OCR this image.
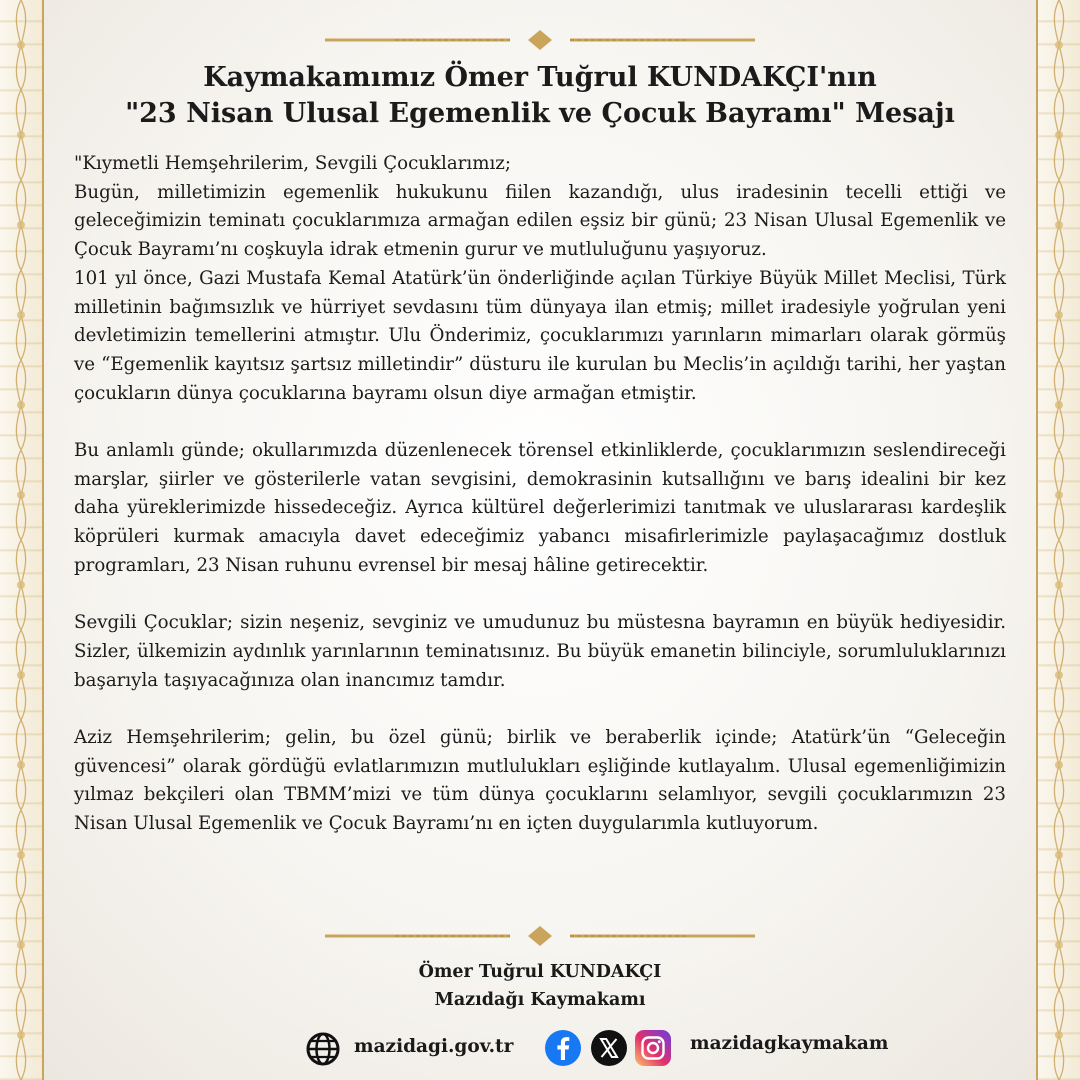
Kaymakamımız Ömer Tuğrul KUNDAKÇI'nın
"23 Nisan Ulusal Egemenlik ve Çocuk Bayramı" Mesajı

"Kıymetli Hemşehrilerim, Sevgili Çocuklarımız;

Bugün, milletimizin egemenlik hukukunu fiilen kazandığı, ulus iradesinin tecelli ettiği ve geleceğimizin teminatı çocuklarımıza armağan edilen eşsiz bir günü; 23 Nisan Ulusal Egemenlik ve Çocuk Bayramı’nı coşkuyla idrak etmenin gurur ve mutluluğunu yaşıyoruz.

101 yıl önce, Gazi Mustafa Kemal Atatürk’ün önderliğinde açılan Türkiye Büyük Millet Meclisi, Türk milletinin bağımsızlık ve hürriyet sevdasını tüm dünyaya ilan etmiş; millet iradesiyle yoğrulan yeni devletimizin temellerini atmıştır. Ulu Önderimiz, çocuklarımızı yarınların mimarları olarak görmüş ve “Egemenlik kayıtsız şartsız milletindir” düsturu ile kurulan bu Meclis’in açıldığı tarihi, her yaştan çocukların dünya çocuklarına bayramı olsun diye armağan etmiştir.

Bu anlamlı günde; okullarımızda düzenlenecek törensel etkinliklerde, çocuklarımızın seslendireceği marşlar, şiirler ve gösterilerle vatan sevgisini, demokrasinin kutsallığını ve barış idealini bir kez daha yüreklerimizde hissedeceğiz. Ayrıca kültürel değerlerimizi tanıtmak ve uluslararası kardeşlik köprüleri kurmak amacıyla davet edeceğimiz yabancı misafirlerimizle paylaşacağımız dostluk programları, 23 Nisan ruhunu evrensel bir mesaj hâline getirecektir.

Sevgili Çocuklar; sizin neşeniz, sevginiz ve umudunuz bu müstesna bayramın en büyük hediyesidir. Sizler, ülkemizin aydınlık yarınlarının teminatısınız. Bu büyük emanetin bilinciyle, sorumluluklarınızı başarıyla taşıyacağınıza olan inancımız tamdır.

Aziz Hemşehrilerim; gelin, bu özel günü; birlik ve beraberlik içinde; Atatürk’ün “Geleceğin güvencesi” olarak gördüğü evlatlarımızın mutlulukları eşliğinde kutlayalım. Ulusal egemenliğimizin yılmaz bekçileri olan TBMM’mizi ve tüm dünya çocuklarını selamlıyor, sevgili çocuklarımızın 23 Nisan Ulusal Egemenlik ve Çocuk Bayramı’nı en içten duygularımla kutluyorum.

Ömer Tuğrul KUNDAKÇI
Mazıdağı Kaymakamı
mazidagi.gov.tr	mazidagkaymakam
